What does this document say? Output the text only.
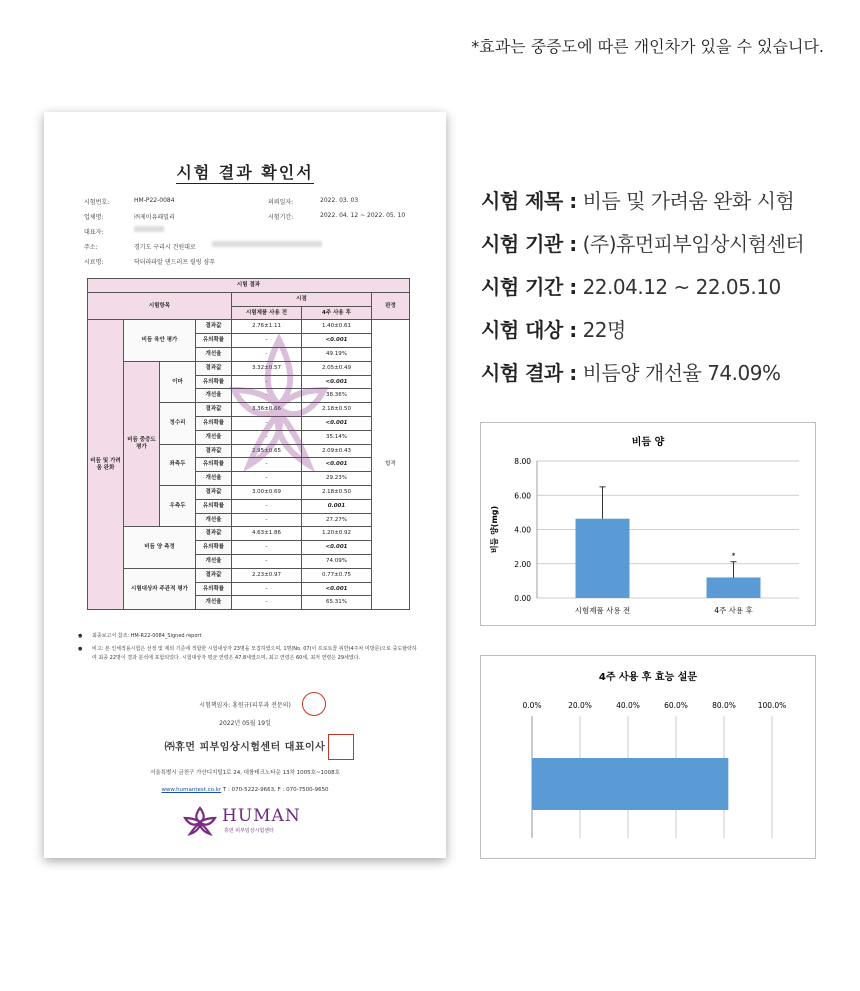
*효과는 중증도에 따른 개인차가 있을 수 있습니다.
시험 결과 확인서
시험번호:	HM-P22-0084	의뢰일자:	2022. 03. 03
업체명:	㈜제이유패밀리	시험기간:	2022. 04. 12 ~ 2022. 05. 10
대표자:
주소:	경기도 구리시 건원대로
시료명:	닥터라파알 댄드러프 릴링 샴푸
시험 결과						
시험항목				시점		판정
				시험제품 사용 전	4주 사용 후	
비듬 및 가려움 완화	비듬 육안 평가		결과값	2.76±1.11	1.40±0.61	합격
			유의확률	-	<0.001	
			개선율	-	49.19%	
	비듬 중증도 평가	이마	결과값	3.32±0.57	2.05±0.49	
			유의확률	-	<0.001	
			개선율	-	38.36%	
		정수리	결과값	3.36±0.66	2.18±0.50	
			유의확률	-	<0.001	
			개선율	-	35.14%	
		좌측두	결과값	2.95±0.65	2.09±0.43	
			유의확률	-	<0.001	
			개선율	-	29.23%	
		우측두	결과값	3.00±0.69	2.18±0.50	
			유의확률	-	0.001	
			개선율	-	27.27%	
	비듬 양 측정		결과값	4.63±1.86	1.20±0.92	
			유의확률	-	<0.001	
			개선율	-	74.09%	
	시험대상자 주관적 평가		결과값	2.23±0.97	0.77±0.75	
			유의확률	-	<0.001	
			개선율	-	65.31%	
● 최종보고서 참조: HM-R22-0084_Signed report
● 비고: 본 인체적용시험은 선정 및 제외 기준에 적합한 시험대상자 23명을 모집하였으며, 1명(No. 07)이 프로토콜 위반(4주차 미방문)으로 중도탈락하여 최종 22명이 결과 분석에 포함되었다. 시험대상자 평균 연령은 47.8세였으며, 최고 연령은 60세, 최저 연령은 29세였다.
시험책임자: 홍원규(피부과 전문의)
2022년 05월 19일
㈜휴먼 피부임상시험센터 대표이사
서울특별시 금천구 가산디지털1로 24, 대륭테크노타운 13차 1005호~1008호
www.humantest.co.kr T : 070-5222-9663, F : 070-7500-9650
HUMAN
휴먼 피부임상시험센터
시험 제목 : 비듬 및 가려움 완화 시험
시험 기관 : (주)휴먼피부임상시험센터
시험 기간 : 22.04.12 ~ 22.05.10
시험 대상 : 22명
시험 결과 : 비듬양 개선율 74.09%
비듬 양
비듬 양(mg)
0.00
2.00
4.00
6.00
8.00
시험제품 사용 전
*
4주 사용 후
4주 사용 후 효능 설문
0.0%	20.0%	40.0%	60.0%	80.0%	100.0%
